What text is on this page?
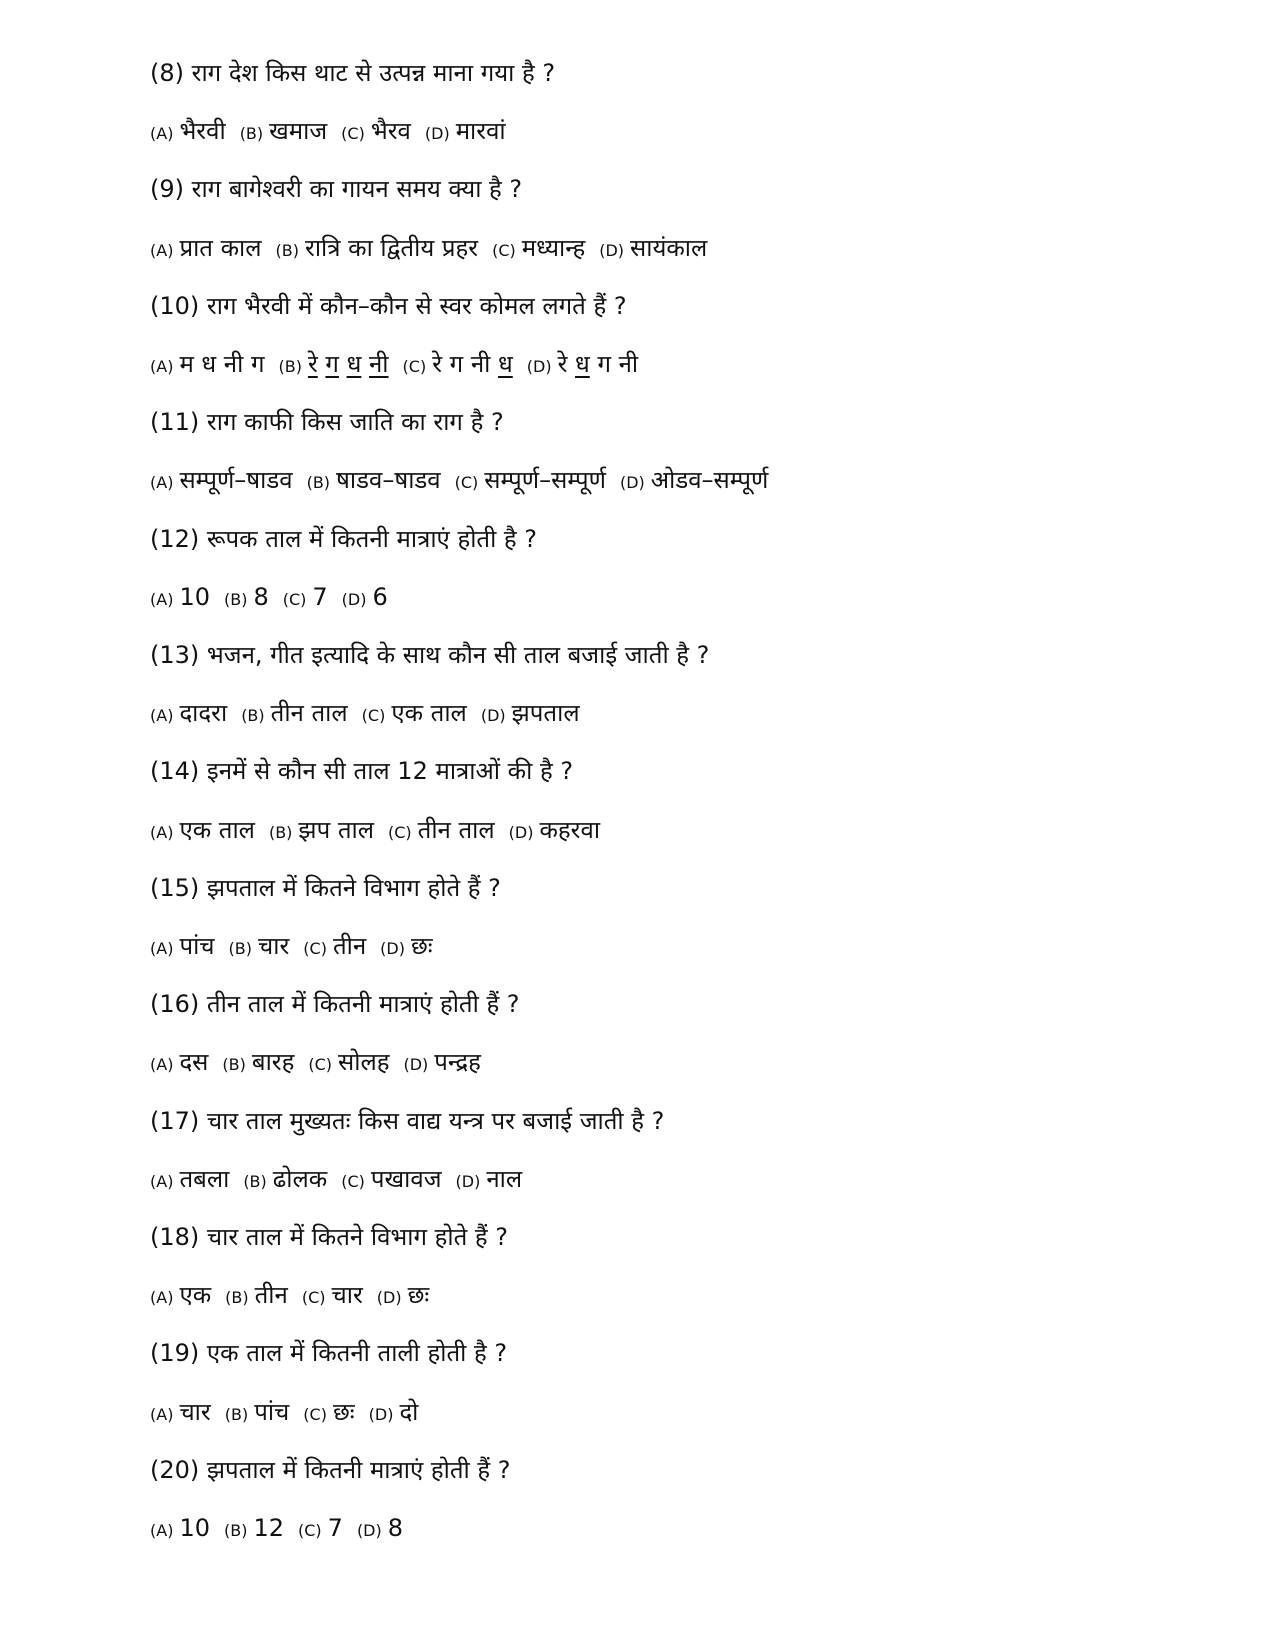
(8) राग देश किस थाट से उत्पन्न माना गया है ?
(A) भैरवी (B) खमाज (C) भैरव (D) मारवां
(9) राग बागेश्वरी का गायन समय क्या है ?
(A) प्रात काल (B) रात्रि का द्वितीय प्रहर (C) मध्यान्ह (D) सायंकाल
(10) राग भैरवी में कौन–कौन से स्वर कोमल लगते हैं ?
(A) म ध नी ग (B) रे ग ध नी (C) रे ग नी ध (D) रे ध ग नी
(11) राग काफी किस जाति का राग है ?
(A) सम्पूर्ण–षाडव (B) षाडव–षाडव (C) सम्पूर्ण–सम्पूर्ण (D) ओडव–सम्पूर्ण
(12) रूपक ताल में कितनी मात्राएं होती है ?
(A) 10 (B) 8 (C) 7 (D) 6
(13) भजन, गीत इत्यादि के साथ कौन सी ताल बजाई जाती है ?
(A) दादरा (B) तीन ताल (C) एक ताल (D) झपताल
(14) इनमें से कौन सी ताल 12 मात्राओं की है ?
(A) एक ताल (B) झप ताल (C) तीन ताल (D) कहरवा
(15) झपताल में कितने विभाग होते हैं ?
(A) पांच (B) चार (C) तीन (D) छः
(16) तीन ताल में कितनी मात्राएं होती हैं ?
(A) दस (B) बारह (C) सोलह (D) पन्द्रह
(17) चार ताल मुख्यतः किस वाद्य यन्त्र पर बजाई जाती है ?
(A) तबला (B) ढोलक (C) पखावज (D) नाल
(18) चार ताल में कितने विभाग होते हैं ?
(A) एक (B) तीन (C) चार (D) छः
(19) एक ताल में कितनी ताली होती है ?
(A) चार (B) पांच (C) छः (D) दो
(20) झपताल में कितनी मात्राएं होती हैं ?
(A) 10 (B) 12 (C) 7 (D) 8
